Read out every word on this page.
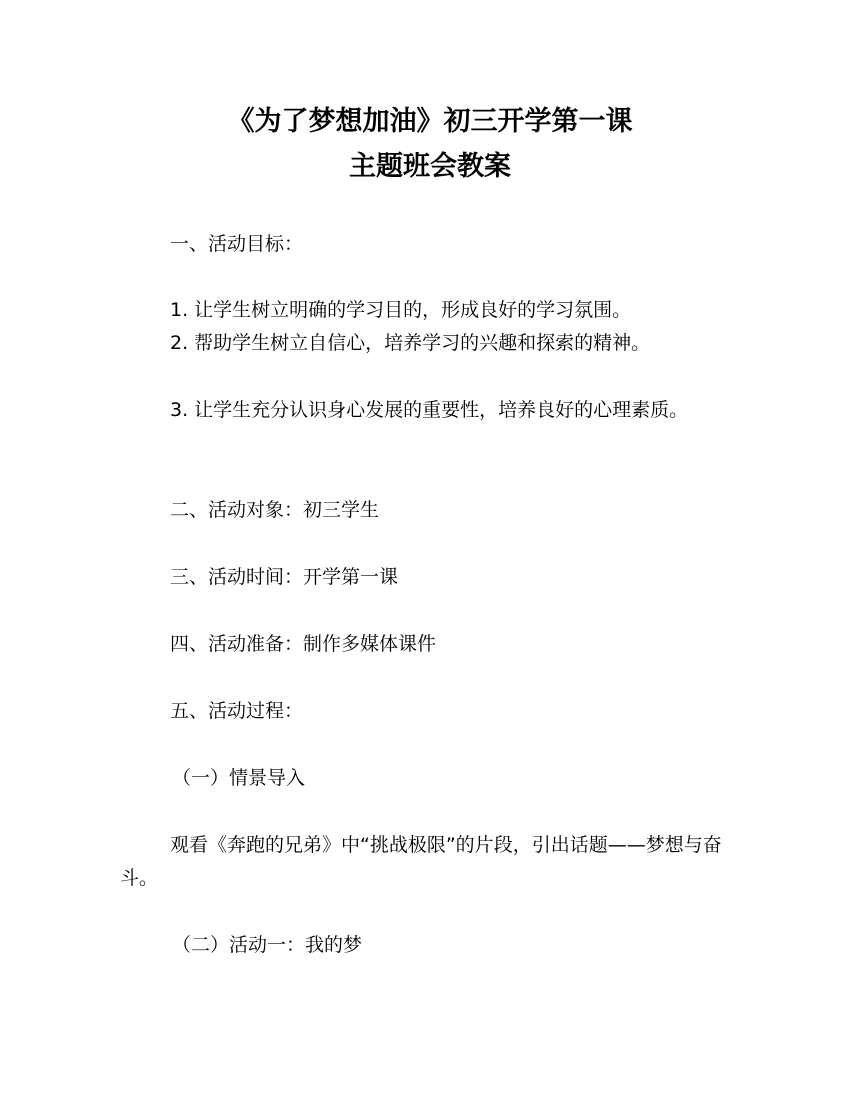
《为了梦想加油》初三开学第一课
主题班会教案
一、活动目标：
1. 让学生树立明确的学习目的，形成良好的学习氛围。
2. 帮助学生树立自信心，培养学习的兴趣和探索的精神。
3. 让学生充分认识身心发展的重要性，培养良好的心理素质。
二、活动对象：初三学生
三、活动时间：开学第一课
四、活动准备：制作多媒体课件
五、活动过程：
（一）情景导入
观看《奔跑的兄弟》中“挑战极限”的片段，引出话题——梦想与奋斗。
（二）活动一：我的梦
